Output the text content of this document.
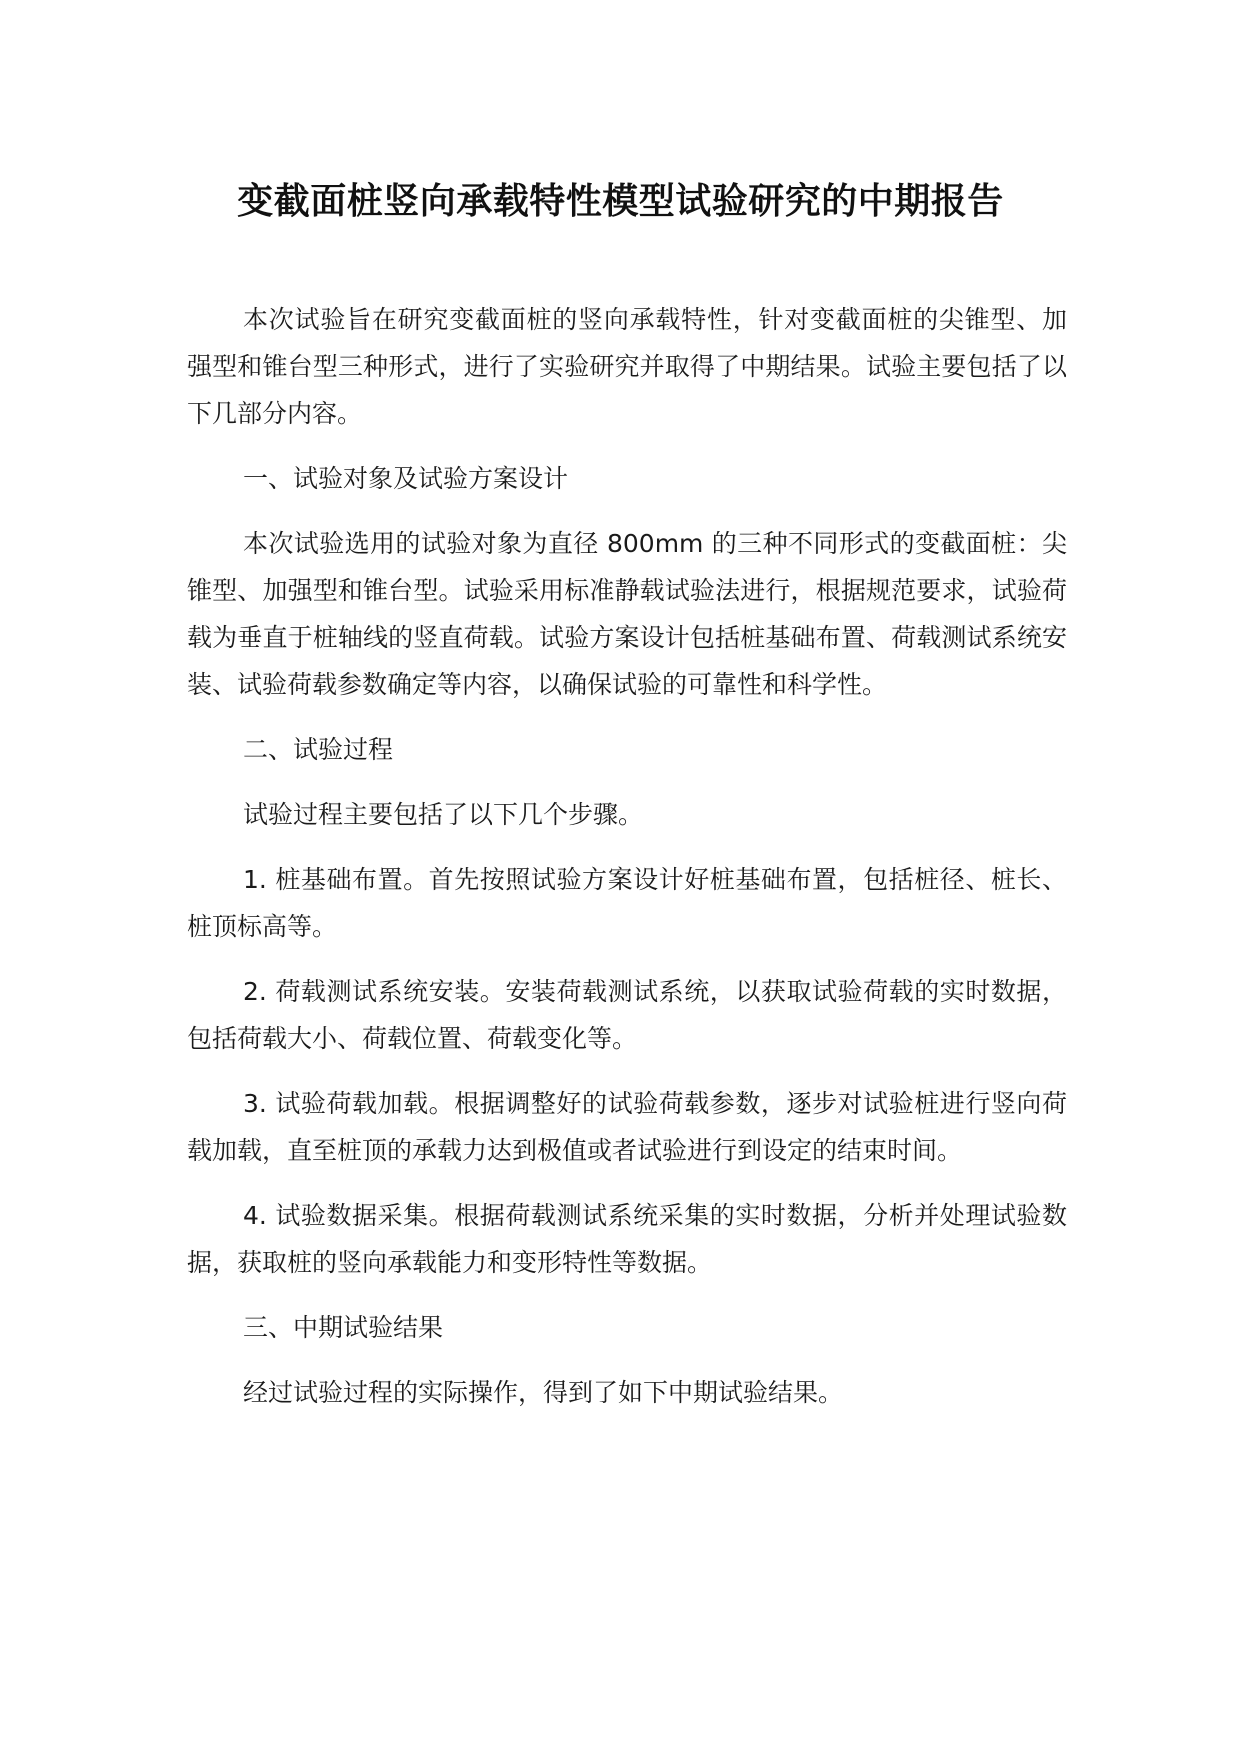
变截面桩竖向承载特性模型试验研究的中期报告

本次试验旨在研究变截面桩的竖向承载特性，针对变截面桩的尖锥型、加强型和锥台型三种形式，进行了实验研究并取得了中期结果。试验主要包括了以下几部分内容。

一、试验对象及试验方案设计

本次试验选用的试验对象为直径 800mm 的三种不同形式的变截面桩：尖锥型、加强型和锥台型。试验采用标准静载试验法进行，根据规范要求，试验荷载为垂直于桩轴线的竖直荷载。试验方案设计包括桩基础布置、荷载测试系统安装、试验荷载参数确定等内容，以确保试验的可靠性和科学性。

二、试验过程

试验过程主要包括了以下几个步骤。

1. 桩基础布置。首先按照试验方案设计好桩基础布置，包括桩径、桩长、桩顶标高等。

2. 荷载测试系统安装。安装荷载测试系统，以获取试验荷载的实时数据，包括荷载大小、荷载位置、荷载变化等。

3. 试验荷载加载。根据调整好的试验荷载参数，逐步对试验桩进行竖向荷载加载，直至桩顶的承载力达到极值或者试验进行到设定的结束时间。

4. 试验数据采集。根据荷载测试系统采集的实时数据，分析并处理试验数据，获取桩的竖向承载能力和变形特性等数据。

三、中期试验结果

经过试验过程的实际操作，得到了如下中期试验结果。
